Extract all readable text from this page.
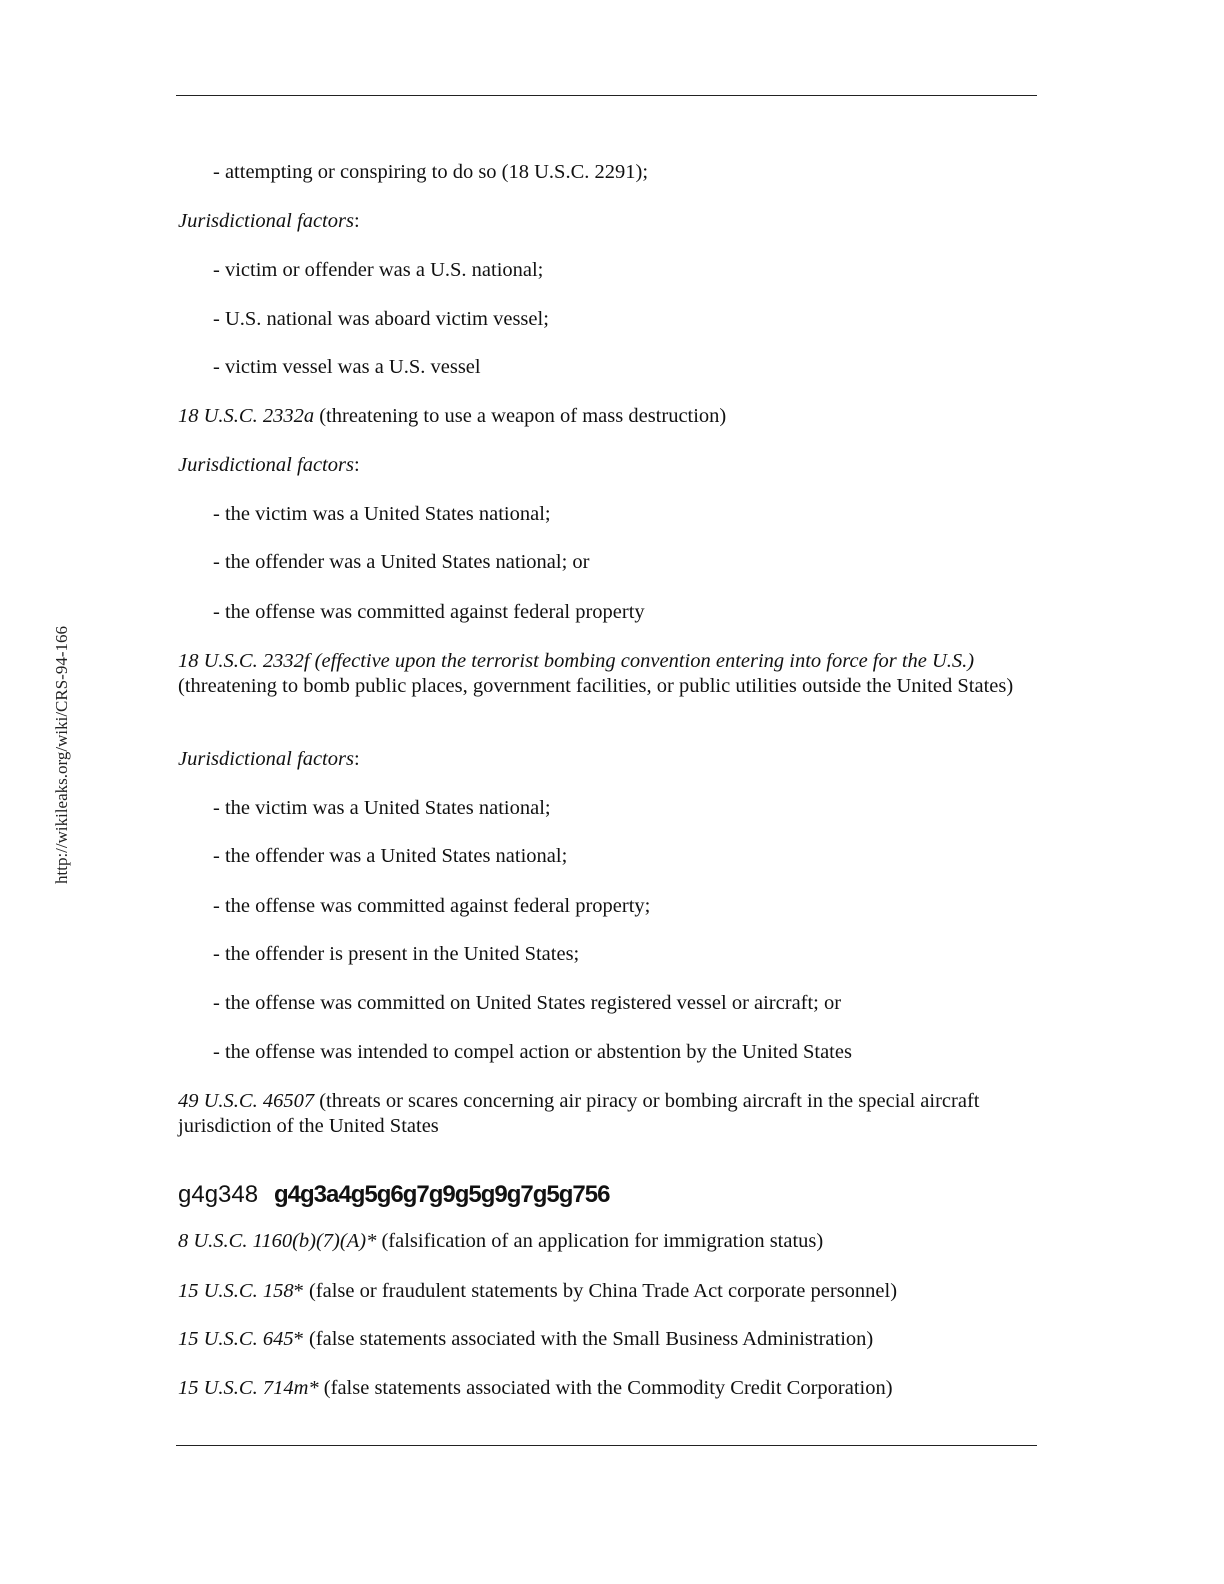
http://wikileaks.org/wiki/CRS-94-166
- attempting or conspiring to do so (18 U.S.C. 2291);
Jurisdictional factors:
- victim or offender was a U.S. national;
- U.S. national was aboard victim vessel;
- victim vessel was a U.S. vessel
18 U.S.C. 2332a (threatening to use a weapon of mass destruction)
Jurisdictional factors:
- the victim was a United States national;
- the offender was a United States national; or
- the offense was committed against federal property
18 U.S.C. 2332f (effective upon the terrorist bombing convention entering into force for the U.S.)
(threatening to bomb public places, government facilities, or public utilities outside the United States)
Jurisdictional factors:
- the victim was a United States national;
- the offender was a United States national;
- the offense was committed against federal property;
- the offender is present in the United States;
- the offense was committed on United States registered vessel or aircraft; or
- the offense was intended to compel action or abstention by the United States
49 U.S.C. 46507 (threats or scares concerning air piracy or bombing aircraft in the special aircraft jurisdiction of the United States
g4g348 g4g3a4g5g6g7g9g5g9g7g5g756
8 U.S.C. 1160(b)(7)(A)* (falsification of an application for immigration status)
15 U.S.C. 158* (false or fraudulent statements by China Trade Act corporate personnel)
15 U.S.C. 645* (false statements associated with the Small Business Administration)
15 U.S.C. 714m* (false statements associated with the Commodity Credit Corporation)
